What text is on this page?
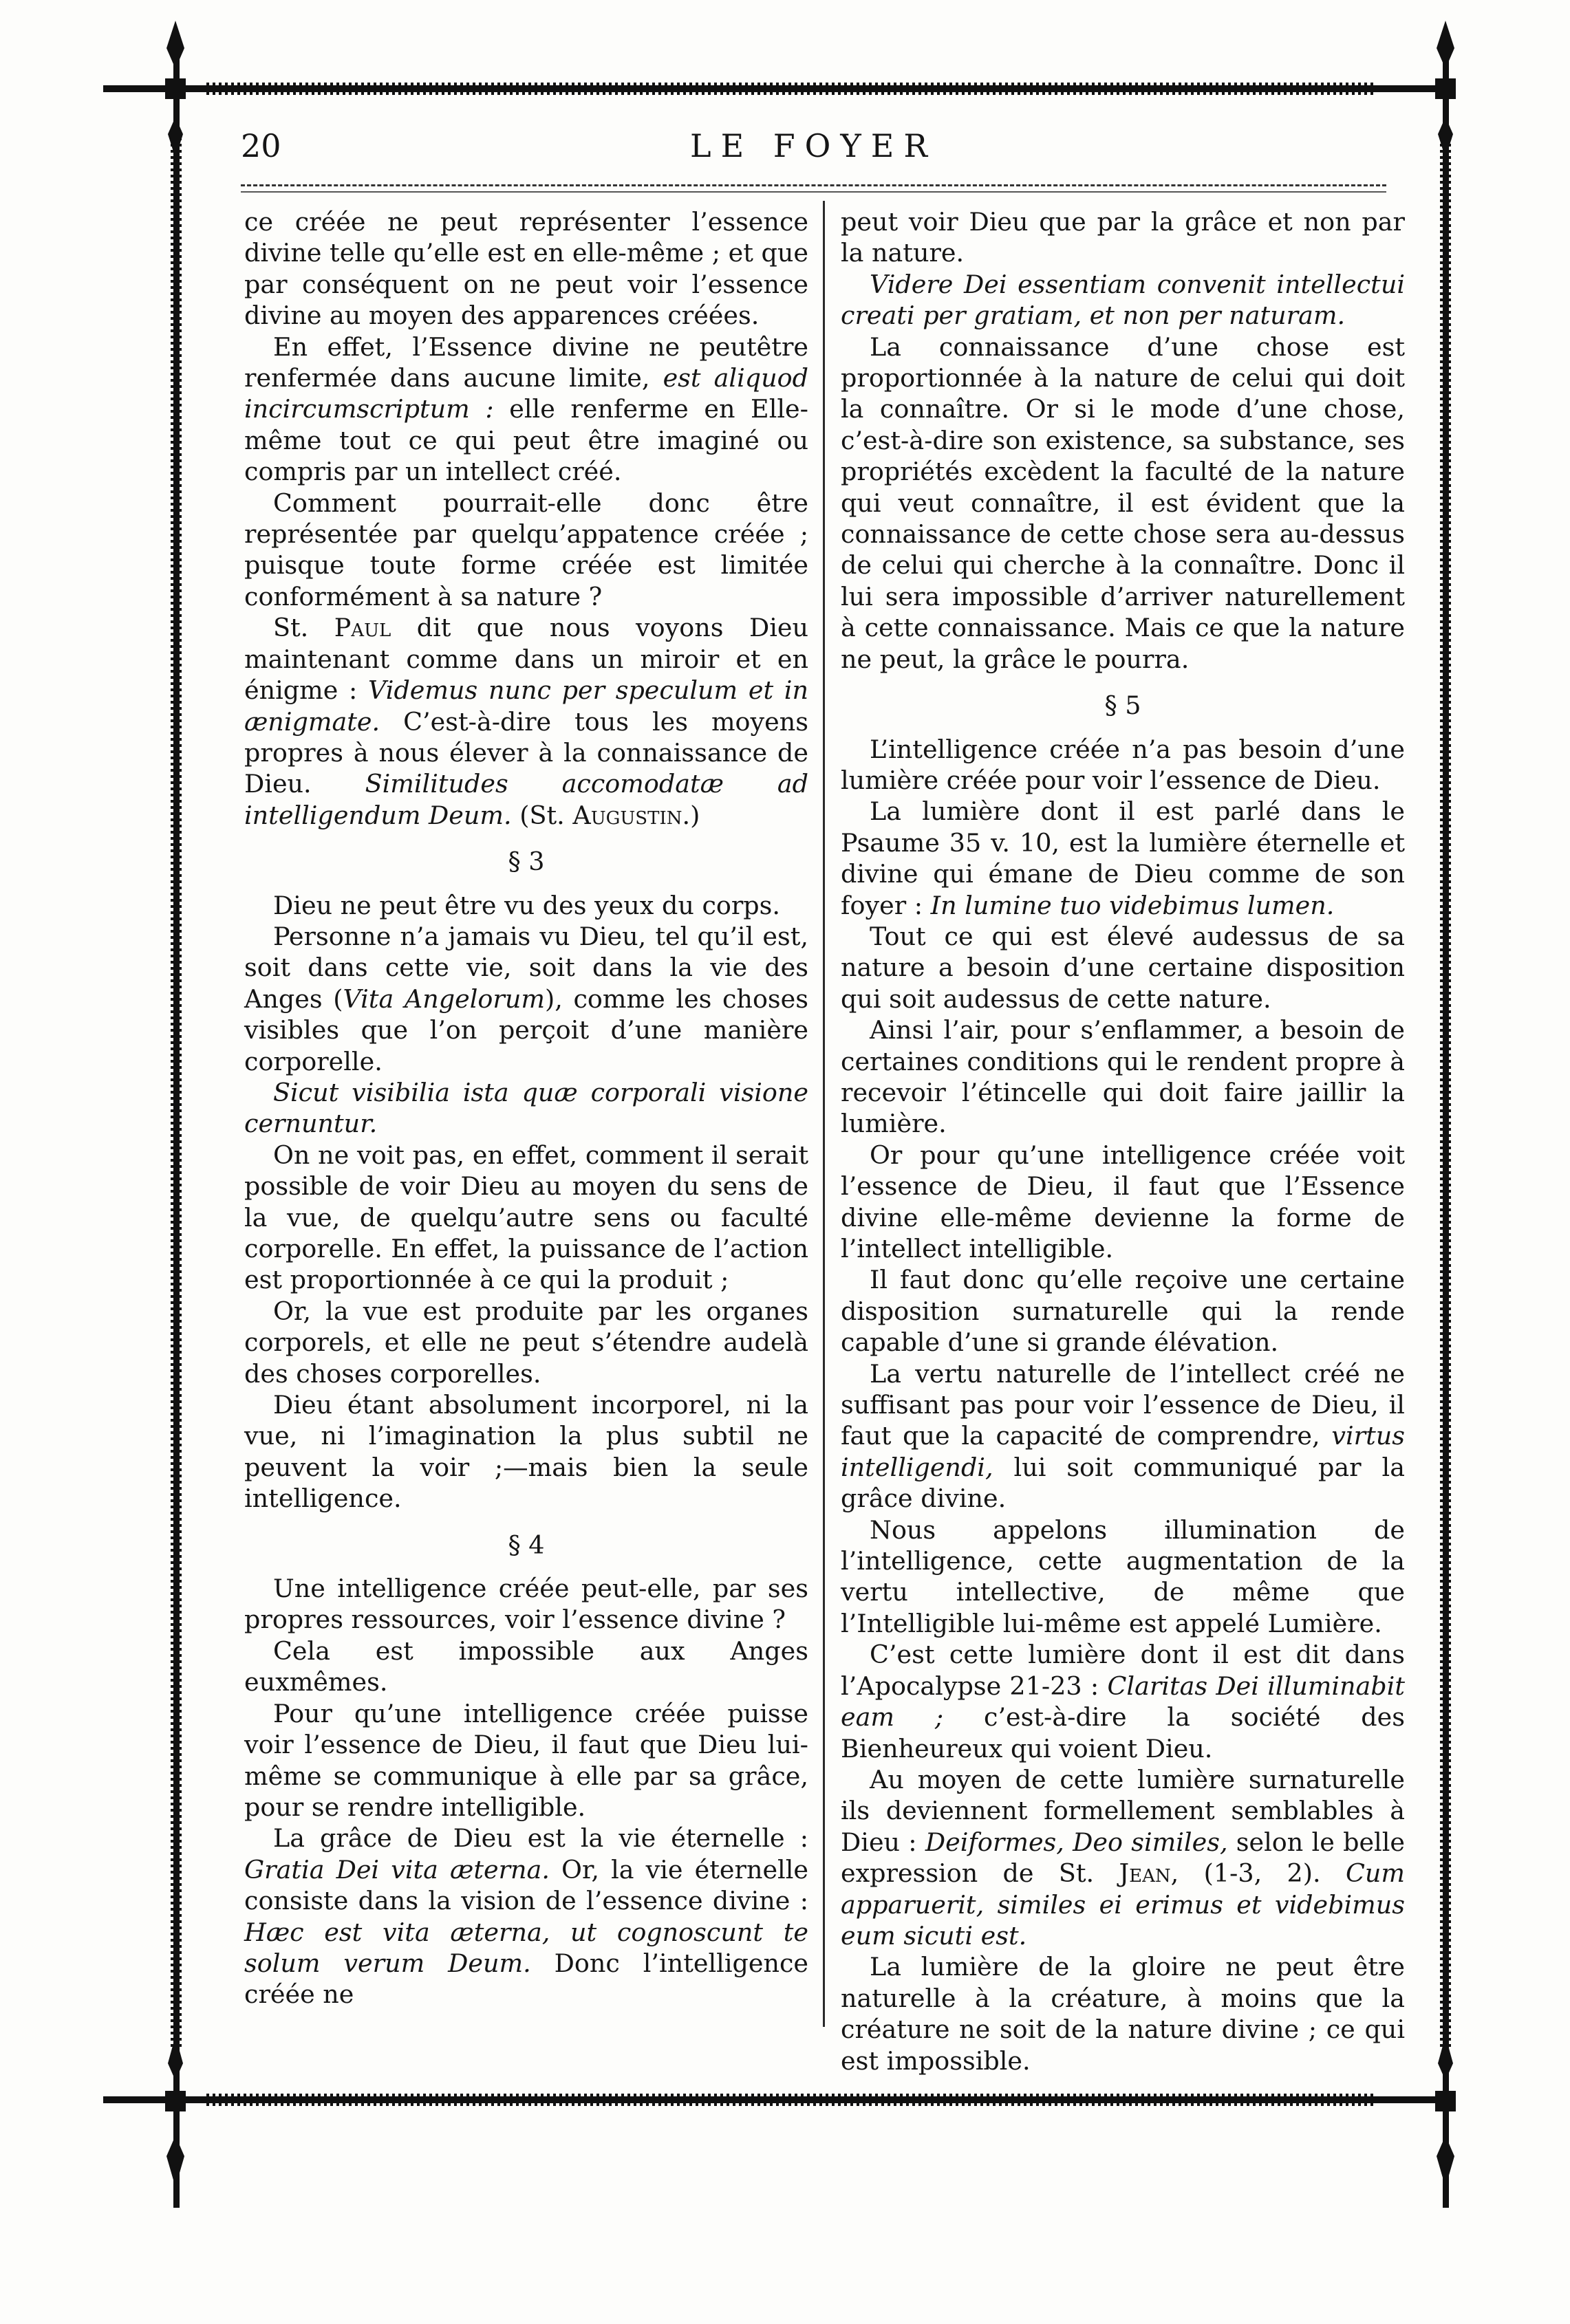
20	LE FOYER

ce créée ne peut représenter l’essence divine telle qu’elle est en elle-même ; et que par conséquent on ne peut voir l’essence divine au moyen des apparences créées.

En effet, l’Essence divine ne peutêtre renfermée dans aucune limite, est aliquod incircumscriptum : elle renferme en Elle-même tout ce qui peut être imaginé ou compris par un intellect créé.

Comment pourrait-elle donc être représentée par quelqu’appatence créée ; puisque toute forme créée est limitée conformément à sa nature ?

St. Paul dit que nous voyons Dieu maintenant comme dans un miroir et en énigme : Videmus nunc per speculum et in ænigmate. C’est-à-dire tous les moyens propres à nous élever à la connaissance de Dieu. Similitudes accomodatæ ad intelligendum Deum. (St. Augustin.)

§ 3

Dieu ne peut être vu des yeux du corps.

Personne n’a jamais vu Dieu, tel qu’il est, soit dans cette vie, soit dans la vie des Anges (Vita Angelorum), comme les choses visibles que l’on perçoit d’une manière corporelle.

Sicut visibilia ista quæ corporali visione cernuntur.

On ne voit pas, en effet, comment il serait possible de voir Dieu au moyen du sens de la vue, de quelqu’autre sens ou faculté corporelle. En effet, la puissance de l’action est proportionnée à ce qui la produit ;

Or, la vue est produite par les organes corporels, et elle ne peut s’étendre audelà des choses corporelles.

Dieu étant absolument incorporel, ni la vue, ni l’imagination la plus subtil ne peuvent la voir ;—mais bien la seule intelligence.

§ 4

Une intelligence créée peut-elle, par ses propres ressources, voir l’essence divine ?

Cela est impossible aux Anges euxmêmes.

Pour qu’une intelligence créée puisse voir l’essence de Dieu, il faut que Dieu lui-même se communique à elle par sa grâce, pour se rendre intelligible.

La grâce de Dieu est la vie éternelle : Gratia Dei vita æterna. Or, la vie éternelle consiste dans la vision de l’essence divine : Hæc est vita æterna, ut cognoscunt te solum verum Deum. Donc l’intelligence créée ne

peut voir Dieu que par la grâce et non par la nature.

Videre Dei essentiam convenit intellectui creati per gratiam, et non per naturam.

La connaissance d’une chose est proportionnée à la nature de celui qui doit la connaître. Or si le mode d’une chose, c’est-à-dire son existence, sa substance, ses propriétés excèdent la faculté de la nature qui veut connaître, il est évident que la connaissance de cette chose sera au-dessus de celui qui cherche à la connaître. Donc il lui sera impossible d’arriver naturellement à cette connaissance. Mais ce que la nature ne peut, la grâce le pourra.

§ 5

L’intelligence créée n’a pas besoin d’une lumière créée pour voir l’essence de Dieu.

La lumière dont il est parlé dans le Psaume 35 v. 10, est la lumière éternelle et divine qui émane de Dieu comme de son foyer : In lumine tuo videbimus lumen.

Tout ce qui est élevé audessus de sa nature a besoin d’une certaine disposition qui soit audessus de cette nature.

Ainsi l’air, pour s’enflammer, a besoin de certaines conditions qui le rendent propre à recevoir l’étincelle qui doit faire jaillir la lumière.

Or pour qu’une intelligence créée voit l’essence de Dieu, il faut que l’Essence divine elle-même devienne la forme de l’intellect intelligible.

Il faut donc qu’elle reçoive une certaine disposition surnaturelle qui la rende capable d’une si grande élévation.

La vertu naturelle de l’intellect créé ne suffisant pas pour voir l’essence de Dieu, il faut que la capacité de comprendre, virtus intelligendi, lui soit communiqué par la grâce divine.

Nous appelons illumination de l’intelligence, cette augmentation de la vertu intellective, de même que l’Intelligible lui-même est appelé Lumière.

C’est cette lumière dont il est dit dans l’Apocalypse 21-23 : Claritas Dei illuminabit eam ; c’est-à-dire la société des Bienheureux qui voient Dieu.

Au moyen de cette lumière surnaturelle ils deviennent formellement semblables à Dieu : Deiformes, Deo similes, selon le belle expression de St. Jean, (1-3, 2). Cum apparuerit, similes ei erimus et videbimus eum sicuti est.

La lumière de la gloire ne peut être naturelle à la créature, à moins que la créature ne soit de la nature divine ; ce qui est impossible.
